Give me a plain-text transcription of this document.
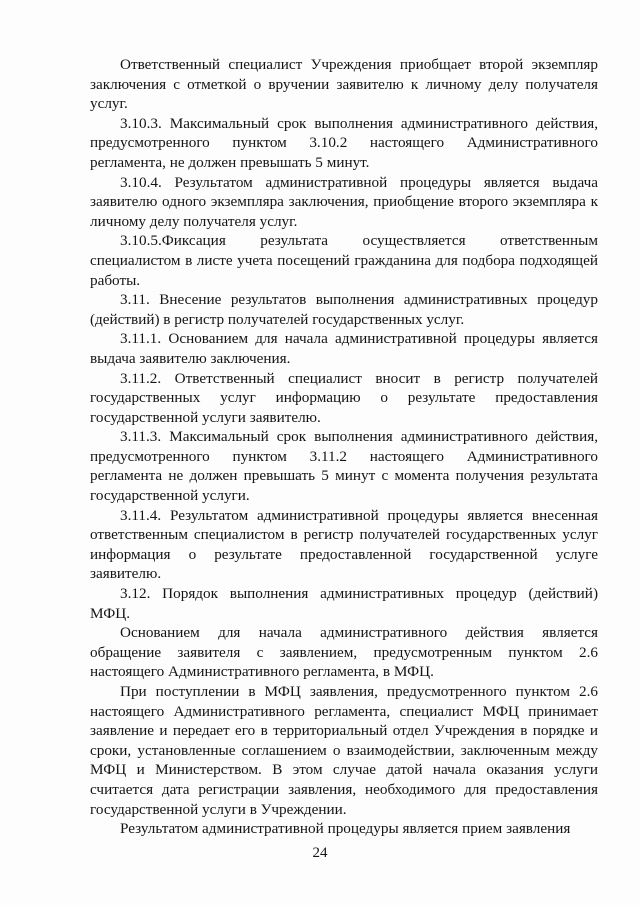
Ответственный специалист Учреждения приобщает второй экземпляр заключения с отметкой о вручении заявителю к личному делу получателя услуг.

3.10.3. Максимальный срок выполнения административного действия, предусмотренного пунктом 3.10.2 настоящего Административного регламента, не должен превышать 5 минут.

3.10.4. Результатом административной процедуры является выдача заявителю одного экземпляра заключения, приобщение второго экземпляра к личному делу получателя услуг.

3.10.5.Фиксация результата осуществляется ответственным специалистом в листе учета посещений гражданина для подбора подходящей работы.

3.11. Внесение результатов выполнения административных процедур (действий) в регистр получателей государственных услуг.

3.11.1. Основанием для начала административной процедуры является выдача заявителю заключения.

3.11.2. Ответственный специалист вносит в регистр получателей государственных услуг информацию о результате предоставления государственной услуги заявителю.

3.11.3. Максимальный срок выполнения административного действия, предусмотренного пунктом 3.11.2 настоящего Административного регламента не должен превышать 5 минут с момента получения результата государственной услуги.

3.11.4. Результатом административной процедуры является внесенная ответственным специалистом в регистр получателей государственных услуг информация о результате предоставленной государственной услуге заявителю.

3.12. Порядок выполнения административных процедур (действий) МФЦ.

Основанием для начала административного действия является обращение заявителя с заявлением, предусмотренным пунктом 2.6 настоящего Административного регламента, в МФЦ.

При поступлении в МФЦ заявления, предусмотренного пунктом 2.6 настоящего Административного регламента, специалист МФЦ принимает заявление и передает его в территориальный отдел Учреждения в порядке и сроки, установленные соглашением о взаимодействии, заключенным между МФЦ и Министерством. В этом случае датой начала оказания услуги считается дата регистрации заявления, необходимого для предоставления государственной услуги в Учреждении.

Результатом административной процедуры является прием заявления

24
